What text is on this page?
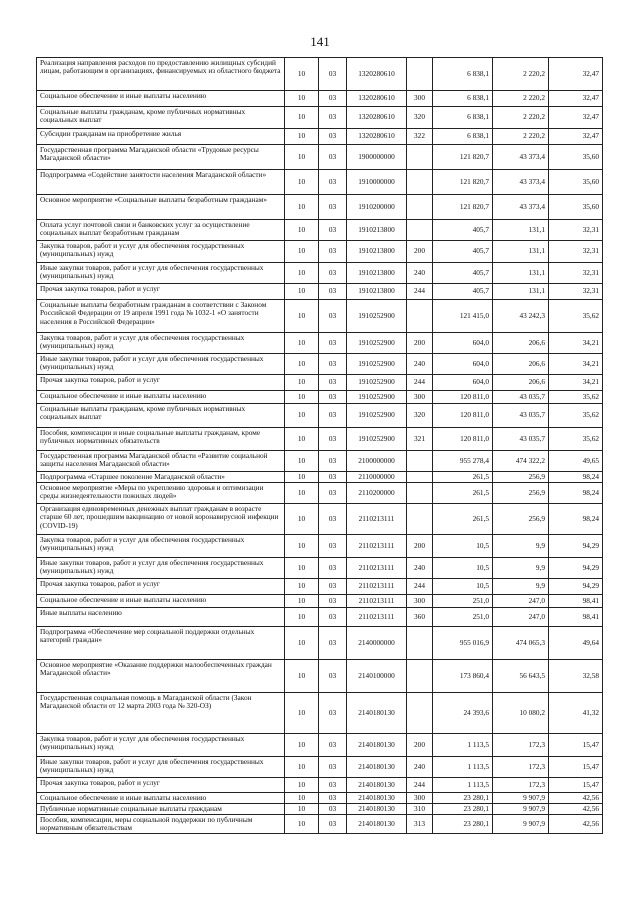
141
Реализация направления расходов по предоставлению жилищных субсидий лицам, работающим в организациях, финансируемых из областного бюджета	10	03	1320280610		6 838,1	2 220,2	32,47
Социальное обеспечение и иные выплаты населению	10	03	1320280610	300	6 838,1	2 220,2	32,47
Социальные выплаты гражданам, кроме публичных нормативных социальных выплат	10	03	1320280610	320	6 838,1	2 220,2	32,47
Субсидии гражданам на приобретение жилья	10	03	1320280610	322	6 838,1	2 220,2	32,47
Государственная программа Магаданской области «Трудовые ресурсы Магаданской области»	10	03	1900000000		121 820,7	43 373,4	35,60
Подпрограмма «Содействие занятости населения Магаданской области»	10	03	1910000000		121 820,7	43 373,4	35,60
Основное мероприятие «Социальные выплаты безработным гражданам»	10	03	1910200000		121 820,7	43 373,4	35,60
Оплата услуг почтовой связи и банковских услуг за осуществление социальных выплат безработным гражданам	10	03	1910213800		405,7	131,1	32,31
Закупка товаров, работ и услуг для обеспечения государственных (муниципальных) нужд	10	03	1910213800	200	405,7	131,1	32,31
Иные закупки товаров, работ и услуг для обеспечения государственных (муниципальных) нужд	10	03	1910213800	240	405,7	131,1	32,31
Прочая закупка товаров, работ и услуг	10	03	1910213800	244	405,7	131,1	32,31
Социальные выплаты безработным гражданам в соответствии с Законом Российской Федерации от 19 апреля 1991 года № 1032-1 «О занятости населения в Российской Федерации»	10	03	1910252900		121 415,0	43 242,3	35,62
Закупка товаров, работ и услуг для обеспечения государственных (муниципальных) нужд	10	03	1910252900	200	604,0	206,6	34,21
Иные закупки товаров, работ и услуг для обеспечения государственных (муниципальных) нужд	10	03	1910252900	240	604,0	206,6	34,21
Прочая закупка товаров, работ и услуг	10	03	1910252900	244	604,0	206,6	34,21
Социальное обеспечение и иные выплаты населению	10	03	1910252900	300	120 811,0	43 035,7	35,62
Социальные выплаты гражданам, кроме публичных нормативных социальных выплат	10	03	1910252900	320	120 811,0	43 035,7	35,62
Пособия, компенсации и иные социальные выплаты гражданам, кроме публичных нормативных обязательств	10	03	1910252900	321	120 811,0	43 035,7	35,62
Государственная программа Магаданской области «Развитие социальной защиты населения Магаданской области»	10	03	2100000000		955 278,4	474 322,2	49,65
Подпрограмма «Старшее поколение Магаданской области»	10	03	2110000000		261,5	256,9	98,24
Основное мероприятие «Меры по укреплению здоровья и оптимизации среды жизнедеятельности пожилых людей»	10	03	2110200000		261,5	256,9	98,24
Организация единовременных денежных выплат гражданам в возрасте старше 60 лет, прошедшим вакцинацию от новой коронавирусной инфекции (COVID-19)	10	03	2110213111		261,5	256,9	98,24
Закупка товаров, работ и услуг для обеспечения государственных (муниципальных) нужд	10	03	2110213111	200	10,5	9,9	94,29
Иные закупки товаров, работ и услуг для обеспечения государственных (муниципальных) нужд	10	03	2110213111	240	10,5	9,9	94,29
Прочая закупка товаров, работ и услуг	10	03	2110213111	244	10,5	9,9	94,29
Социальное обеспечение и иные выплаты населению	10	03	2110213111	300	251,0	247,0	98,41
Иные выплаты населению	10	03	2110213111	360	251,0	247,0	98,41
Подпрограмма «Обеспечение мер социальной поддержки отдельных категорий граждан»	10	03	2140000000		955 016,9	474 065,3	49,64
Основное мероприятие «Оказание поддержки малообеспеченных граждан Магаданской области»	10	03	2140100000		173 860,4	56 643,5	32,58
Государственная социальная помощь в Магаданской области (Закон Магаданской области от 12 марта 2003 года № 320-ОЗ)	10	03	2140180130		24 393,6	10 080,2	41,32
Закупка товаров, работ и услуг для обеспечения государственных (муниципальных) нужд	10	03	2140180130	200	1 113,5	172,3	15,47
Иные закупки товаров, работ и услуг для обеспечения государственных (муниципальных) нужд	10	03	2140180130	240	1 113,5	172,3	15,47
Прочая закупка товаров, работ и услуг	10	03	2140180130	244	1 113,5	172,3	15,47
Социальное обеспечение и иные выплаты населению	10	03	2140180130	300	23 280,1	9 907,9	42,56
Публичные нормативные социальные выплаты гражданам	10	03	2140180130	310	23 280,1	9 907,9	42,56
Пособия, компенсации, меры социальной поддержки по публичным нормативным обязательствам	10	03	2140180130	313	23 280,1	9 907,9	42,56
